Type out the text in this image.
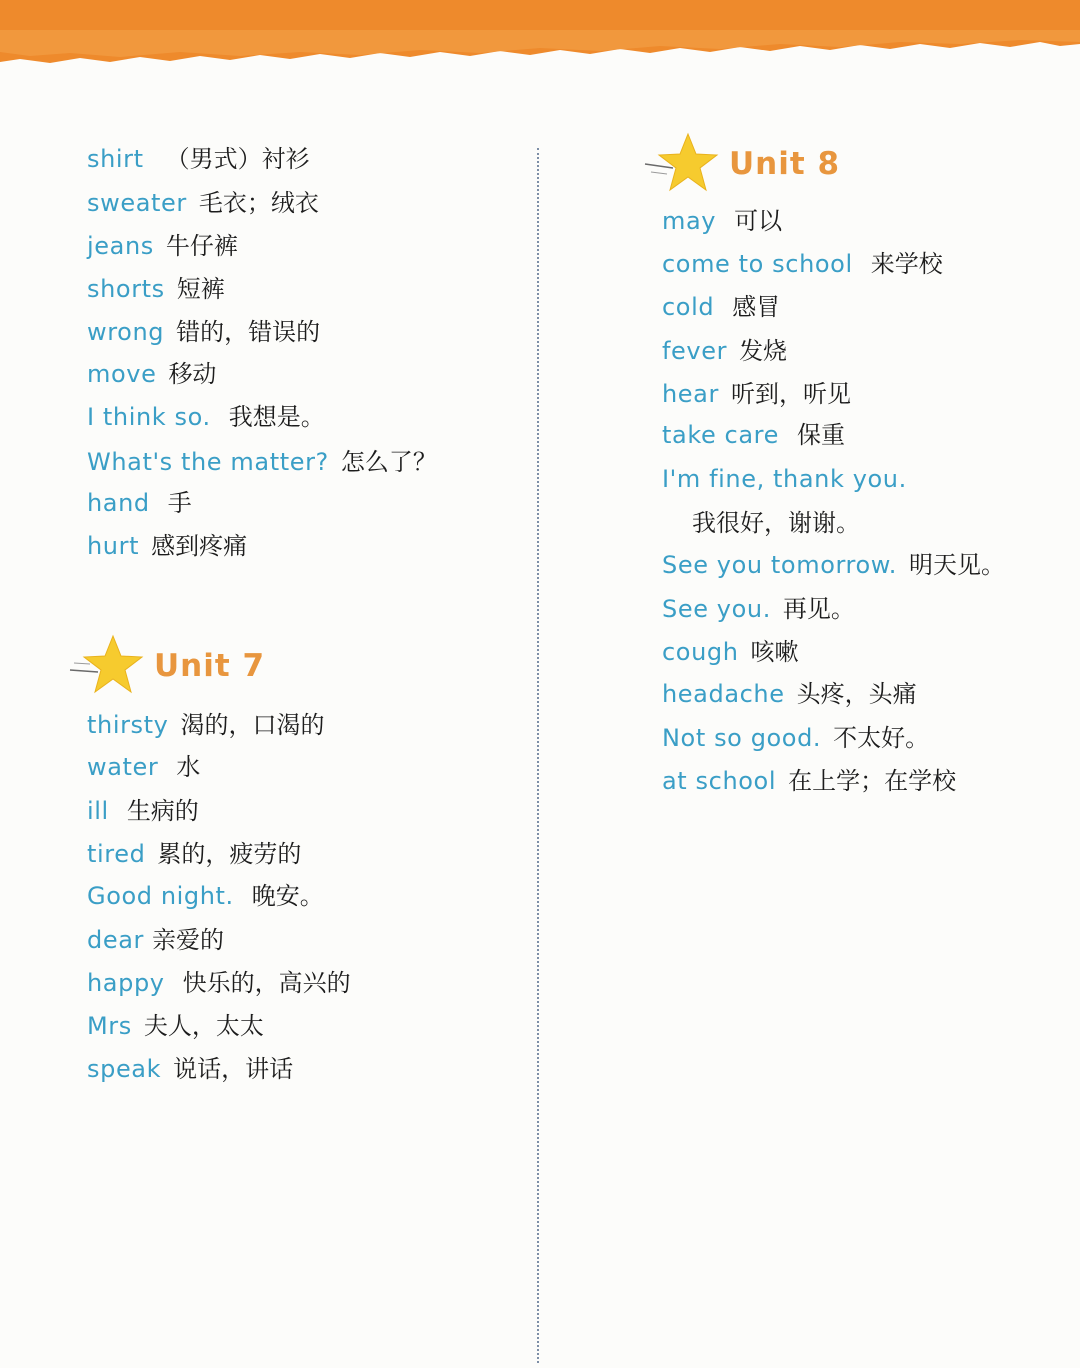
shirt （男式）衬衫
sweater 毛衣；绒衣
jeans 牛仔裤
shorts 短裤
wrong 错的，错误的
move 移动
I think so. 我想是。
What's the matter? 怎么了？
hand 手
hurt 感到疼痛
Unit 7
thirsty 渴的，口渴的
water 水
ill 生病的
tired 累的，疲劳的
Good night. 晚安。
dear 亲爱的
happy 快乐的，高兴的
Mrs 夫人，太太
speak 说话，讲话
Unit 8
may 可以
come to school 来学校
cold 感冒
fever 发烧
hear 听到，听见
take care 保重
I'm fine, thank you.
我很好，谢谢。
See you tomorrow. 明天见。
See you. 再见。
cough 咳嗽
headache 头疼，头痛
Not so good. 不太好。
at school 在上学；在学校
